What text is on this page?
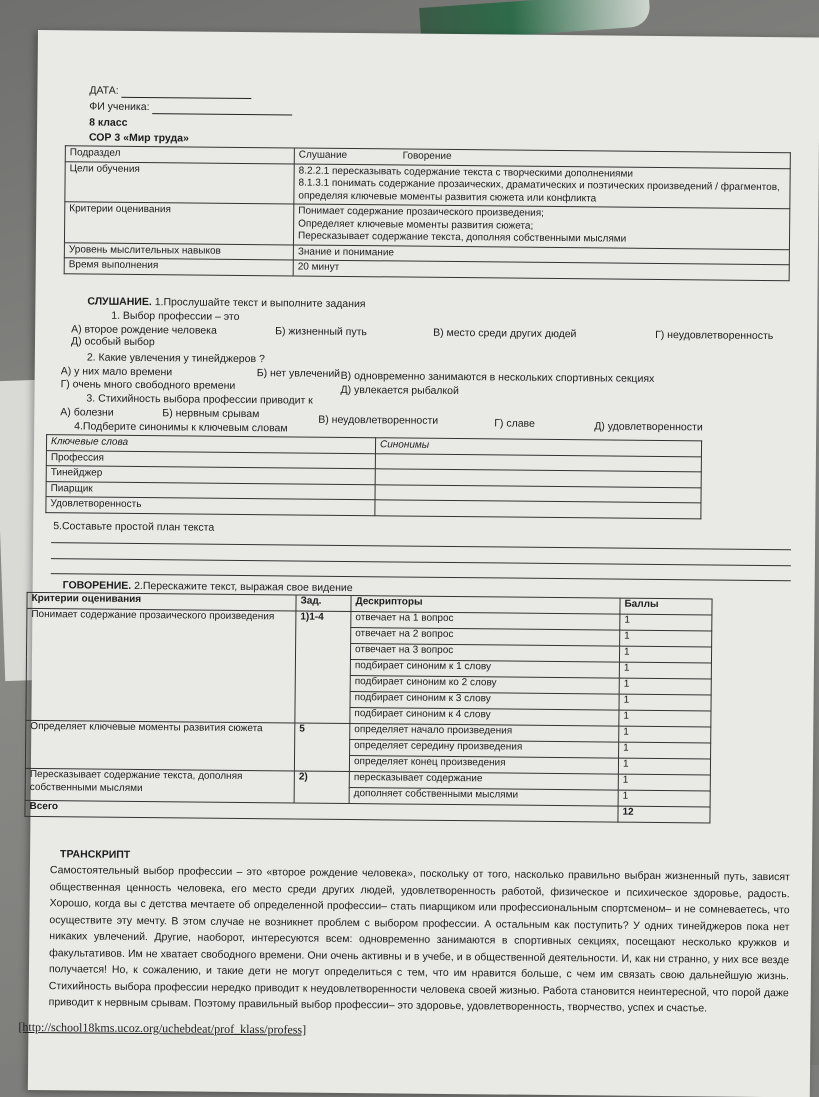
ДАТА:
ФИ ученика:
8 класс
СОР 3 «Мир труда»
Подраздел	Слушание Говорение
Цели обучения	8.2.2.1 пересказывать содержание текста с творческими дополнениями
8.1.3.1 понимать содержание прозаических, драматических и поэтических произведений / фрагментов, определяя ключевые моменты развития сюжета или конфликта

Критерии оценивания	Понимает содержание прозаического произведения;
Определяет ключевые моменты развития сюжета;
Пересказывает содержание текста, дополняя собственными мыслями

Уровень мыслительных навыков	Знание и понимание
Время выполнения	20 минут
СЛУШАНИЕ. 1.Прослушайте текст и выполните задания
1. Выбор профессии – это
А) второе рождение человека	Б) жизненный путь	В) место среди других дюдей	Г) неудовлетворенность
Д) особый выбор
2. Какие увлечения у тинейджеров ?
А) у них мало времени	Б) нет увлечений В) одновременно занимаются в нескольких спортивных секциях
Г) очень много свободного времени	Д) увлекается рыбалкой
3. Стихийность выбора профессии приводит к
А) болезни	Б) нервным срывам
В) неудовлетворенности	Г) славе	Д) удовлетворенности
4.Подберите синонимы к ключевым словам
Ключевые слова	Синонимы
Профессия	
Тинейджер	
Пиарщик	
Удовлетворенность	
5.Составьте простой план текста
ГОВОРЕНИЕ. 2.Перескажите текст, выражая свое видение
Критерии оценивания	Зад.	Дескрипторы	Баллы
Понимает содержание прозаического произведения	1)1-4	отвечает на 1 вопрос	1
		отвечает на 2 вопрос	1
		отвечает на 3 вопрос	1
		подбирает синоним к 1 слову	1
		подбирает синоним ко 2 слову	1
		подбирает синоним к 3 слову	1
		подбирает синоним к 4 слову	1
Определяет ключевые моменты развития сюжета	5	определяет начало произведения	1
		определяет середину произведения	1
		определяет конец произведения	1
Пересказывает содержание текста, дополняя собственными мыслями	2)	пересказывает содержание	1
		дополняет собственными мыслями	1
Всего			12
ТРАНСКРИПТ
Самостоятельный выбор профессии – это «второе рождение человека», поскольку от того, насколько правильно выбран жизненный путь, зависят общественная ценность человека, его место среди других людей, удовлетворенность работой, физическое и психическое здоровье, радость. Хорошо, когда вы с детства мечтаете об определенной профессии– стать пиарщиком или профессиональным спортсменом– и не сомневаетесь, что осуществите эту мечту. В этом случае не возникнет проблем с выбором профессии. А остальным как поступить? У одних тинейджеров пока нет никаких увлечений. Другие, наоборот, интересуются всем: одновременно занимаются в спортивных секциях, посещают несколько кружков и факультативов. Им не хватает свободного времени. Они очень активны и в учебе, и в общественной деятельности. И, как ни странно, у них все везде получается! Но, к сожалению, и такие дети не могут определиться с тем, что им нравится больше, с чем им связать свою дальнейшую жизнь. Стихийность выбора профессии нередко приводит к неудовлетворенности человека своей жизнью. Работа становится неинтересной, что порой даже приводит к нервным срывам. Поэтому правильный выбор профессии– это здоровье, удовлетворенность, творчество, успех и счастье.
[http://school18kms.ucoz.org/uchebdeat/prof_klass/profess]
